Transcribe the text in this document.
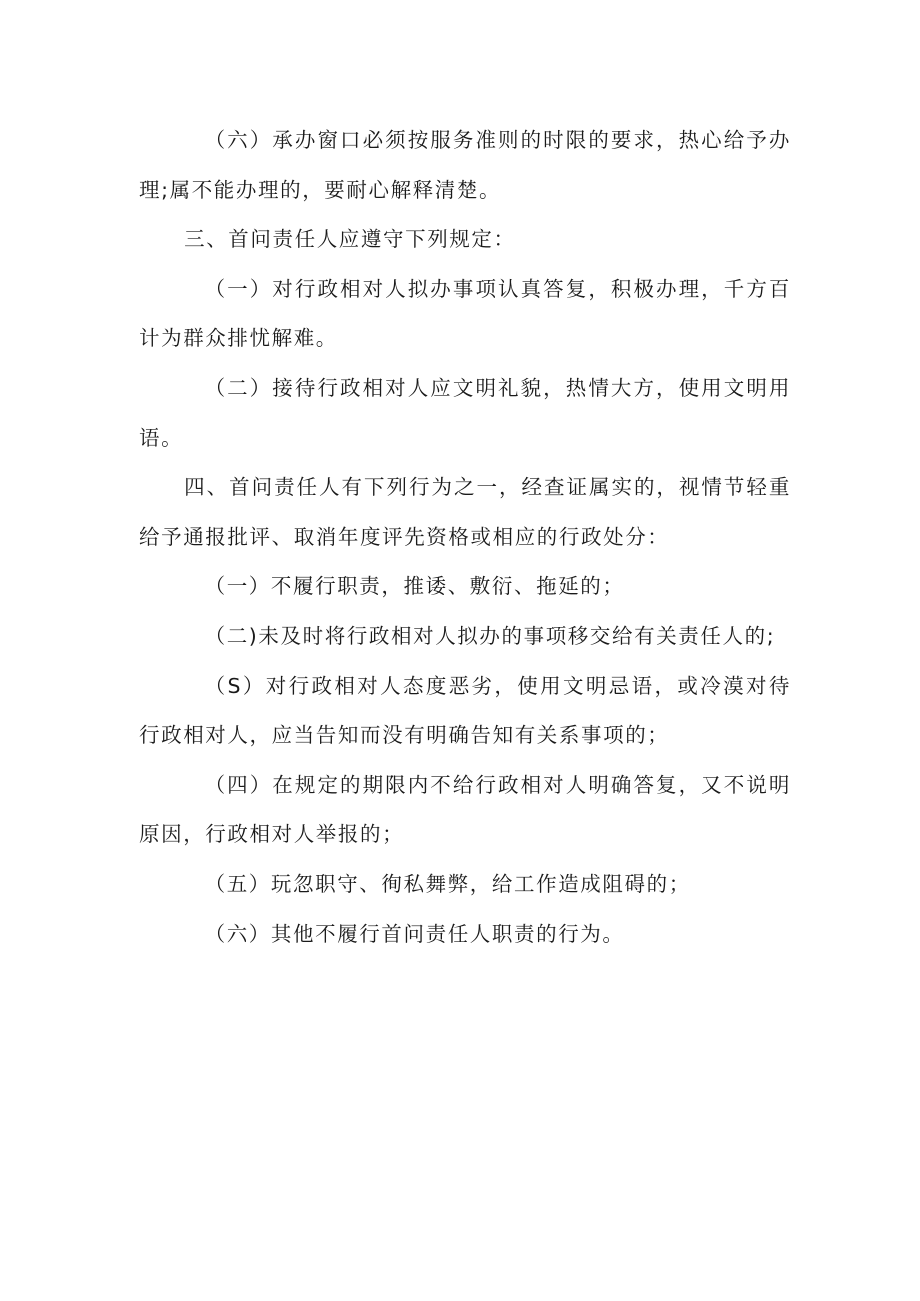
（六）承办窗口必须按服务准则的时限的要求，热心给予办理;属不能办理的，要耐心解释清楚。

三、首问责任人应遵守下列规定：

（一）对行政相对人拟办事项认真答复，积极办理，千方百计为群众排忧解难。

（二）接待行政相对人应文明礼貌，热情大方，使用文明用语。

四、首问责任人有下列行为之一，经查证属实的，视情节轻重给予通报批评、取消年度评先资格或相应的行政处分：

（一）不履行职责，推诿、敷衍、拖延的；

（二)未及时将行政相对人拟办的事项移交给有关责任人的;

（S）对行政相对人态度恶劣，使用文明忌语，或冷漠对待行政相对人，应当告知而没有明确告知有关系事项的；

（四）在规定的期限内不给行政相对人明确答复，又不说明原因，行政相对人举报的；

（五）玩忽职守、徇私舞弊，给工作造成阻碍的；

（六）其他不履行首问责任人职责的行为。
